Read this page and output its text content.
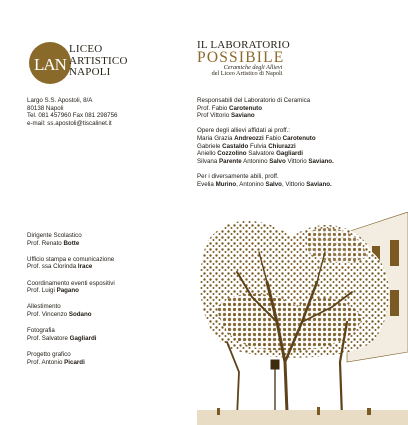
LAN
LICEO
ARTISTICO
NAPOLI
Largo S.S. Apostoli, 8/A
80138 Napoli
Tel. 081 457960 Fax 081 298756
e-mail: ss.apostoli@tiscalinet.it
Dirigente Scolastico
Prof. Renato Botte
Ufficio stampa e comunicazione
Prof. ssa Clorinda Irace
Coordinamento eventi espositivi
Prof. Luigi Pagano
Allestimento
Prof. Vincenzo Sodano
Fotografia
Prof. Salvatore Gagliardi
Progetto grafico
Prof. Antonio Picardi
IL LABORATORIO
POSSIBILE
Ceramiche degli Allievi
del Liceo Artistico di Napoli
Responsabili del Laboratorio di Ceramica
Prof. Fabio Carotenuto
Prof Vittorio Saviano
Opere degli allievi affidati ai proff.:
Maria Grazia Andreozzi Fabio Carotenuto
Gabriele Castaldo Fulvia Chiurazzi
Aniello Cozzolino Salvatore Gagliardi
Silvana Parente Antonino Salvo Vittorio Saviano.
Per i diversamente abili, proff.
Evelia Murino, Antonino Salvo, Vittorio Saviano.
